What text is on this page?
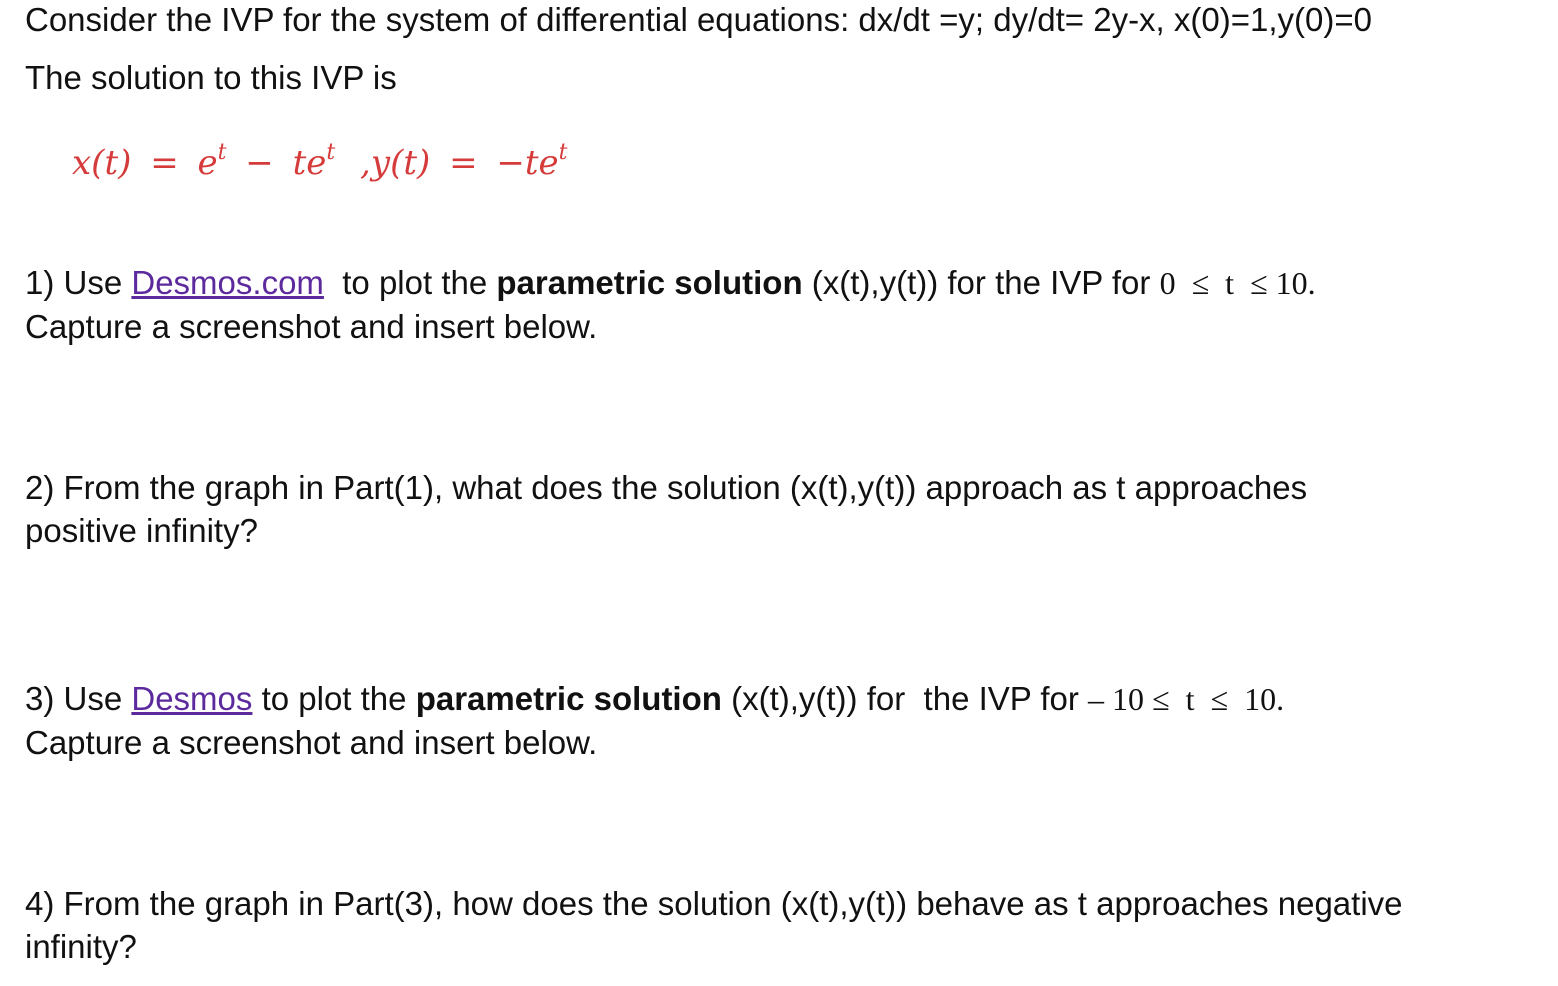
Consider the IVP for the system of differential equations: dx/dt =y; dy/dt= 2y-x, x(0)=1,y(0)=0
The solution to this IVP is
$x(t) = e^t - te^t$ $,y(t) = -te^t$
1) Use Desmos.com  to plot the parametric solution (x(t),y(t)) for the IVP for 0  ≤  t  ≤ 10.
Capture a screenshot and insert below.
2) From the graph in Part(1), what does the solution (x(t),y(t)) approach as t approaches
positive infinity?
3) Use Desmos to plot the parametric solution (x(t),y(t)) for  the IVP for – 10 ≤  t  ≤  10.
Capture a screenshot and insert below.
4) From the graph in Part(3), how does the solution (x(t),y(t)) behave as t approaches negative
infinity?
